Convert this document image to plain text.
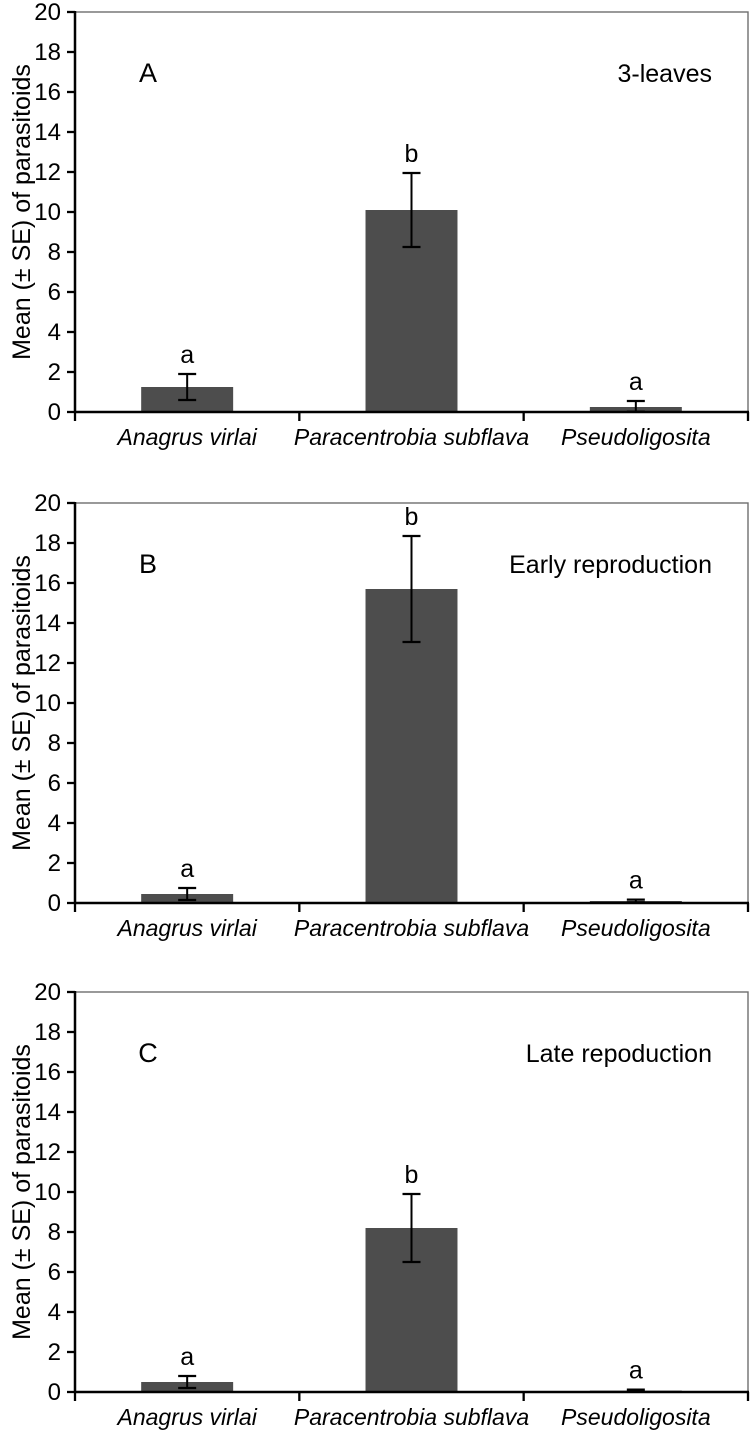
a
Anagrus virlai
b
Paracentrobia subflava
a
Pseudoligosita
0
2
4
6
8
10
12
14
16
18
20
A	3-leaves
Mean (± SE) of parasitoids
a
Anagrus virlai
b
Paracentrobia subflava
a
Pseudoligosita
0
2
4
6
8
10
12
14
16
18
20
B	Early reproduction
Mean (± SE) of parasitoids
a
Anagrus virlai
b
Paracentrobia subflava
a
Pseudoligosita
0
2
4
6
8
10
12
14
16
18
20
C	Late repoduction
Mean (± SE) of parasitoids
